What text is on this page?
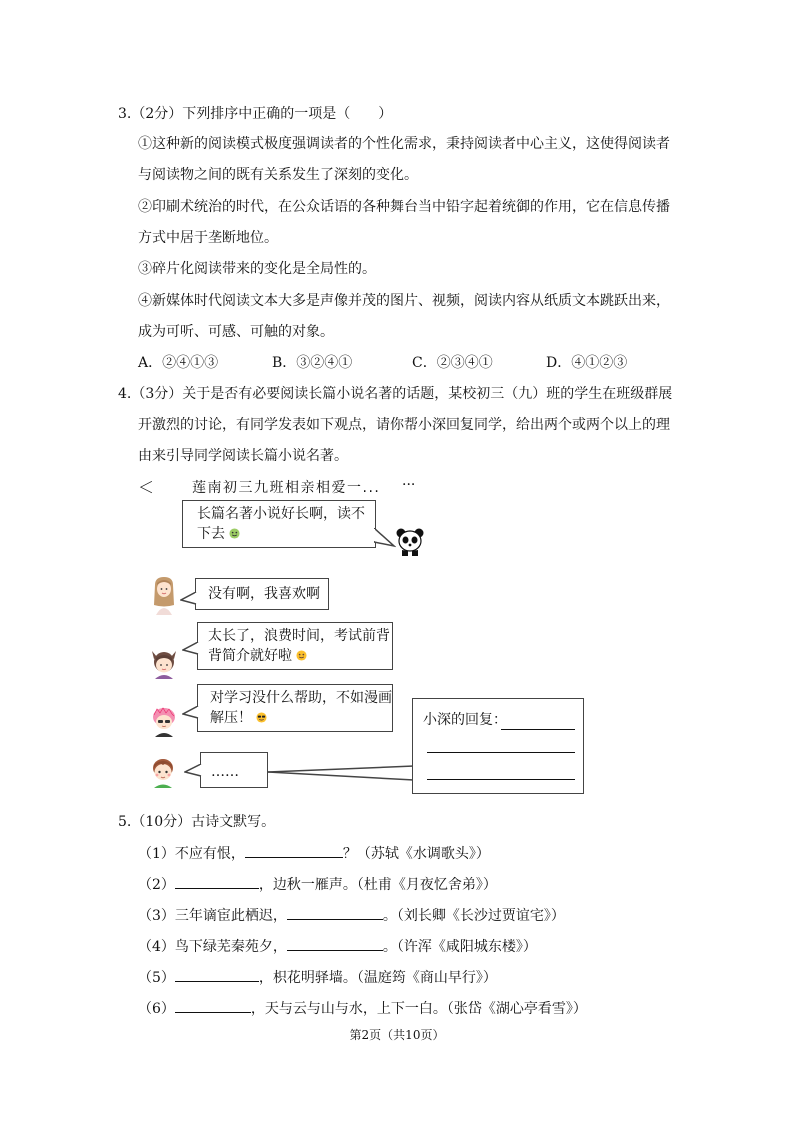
3.（2分）下列排序中正确的一项是（　　）
①这种新的阅读模式极度强调读者的个性化需求，秉持阅读者中心主义，这使得阅读者
与阅读物之间的既有关系发生了深刻的变化。
②印刷术统治的时代，在公众话语的各种舞台当中铅字起着统御的作用，它在信息传播
方式中居于垄断地位。
③碎片化阅读带来的变化是全局性的。
④新媒体时代阅读文本大多是声像并茂的图片、视频，阅读内容从纸质文本跳跃出来，
成为可听、可感、可触的对象。
A．②④①③	B．③②④①	C．②③④①	D．④①②③
4.（3分）关于是否有必要阅读长篇小说名著的话题，某校初三（九）班的学生在班级群展
开激烈的讨论，有同学发表如下观点，请你帮小深回复同学，给出两个或两个以上的理
由来引导同学阅读长篇小说名著。
＜	莲南初三九班相亲相爱一... ···
长篇名著小说好长啊，读不
下去
没有啊，我喜欢啊
太长了，浪费时间，考试前背
背简介就好啦
对学习没什么帮助，不如漫画
解压！
……
小深的回复：
5.（10分）古诗文默写。
（1）不应有恨，	？（苏轼《水调歌头》）
（2）	，边秋一雁声。（杜甫《月夜忆舍弟》）
（3）三年谪宦此栖迟，	。（刘长卿《长沙过贾谊宅》）
（4）鸟下绿芜秦苑夕，	。（许浑《咸阳城东楼》）
（5）	，枳花明驿墙。（温庭筠《商山早行》）
（6）	，天与云与山与水，上下一白。（张岱《湖心亭看雪》）
第2页（共10页）
